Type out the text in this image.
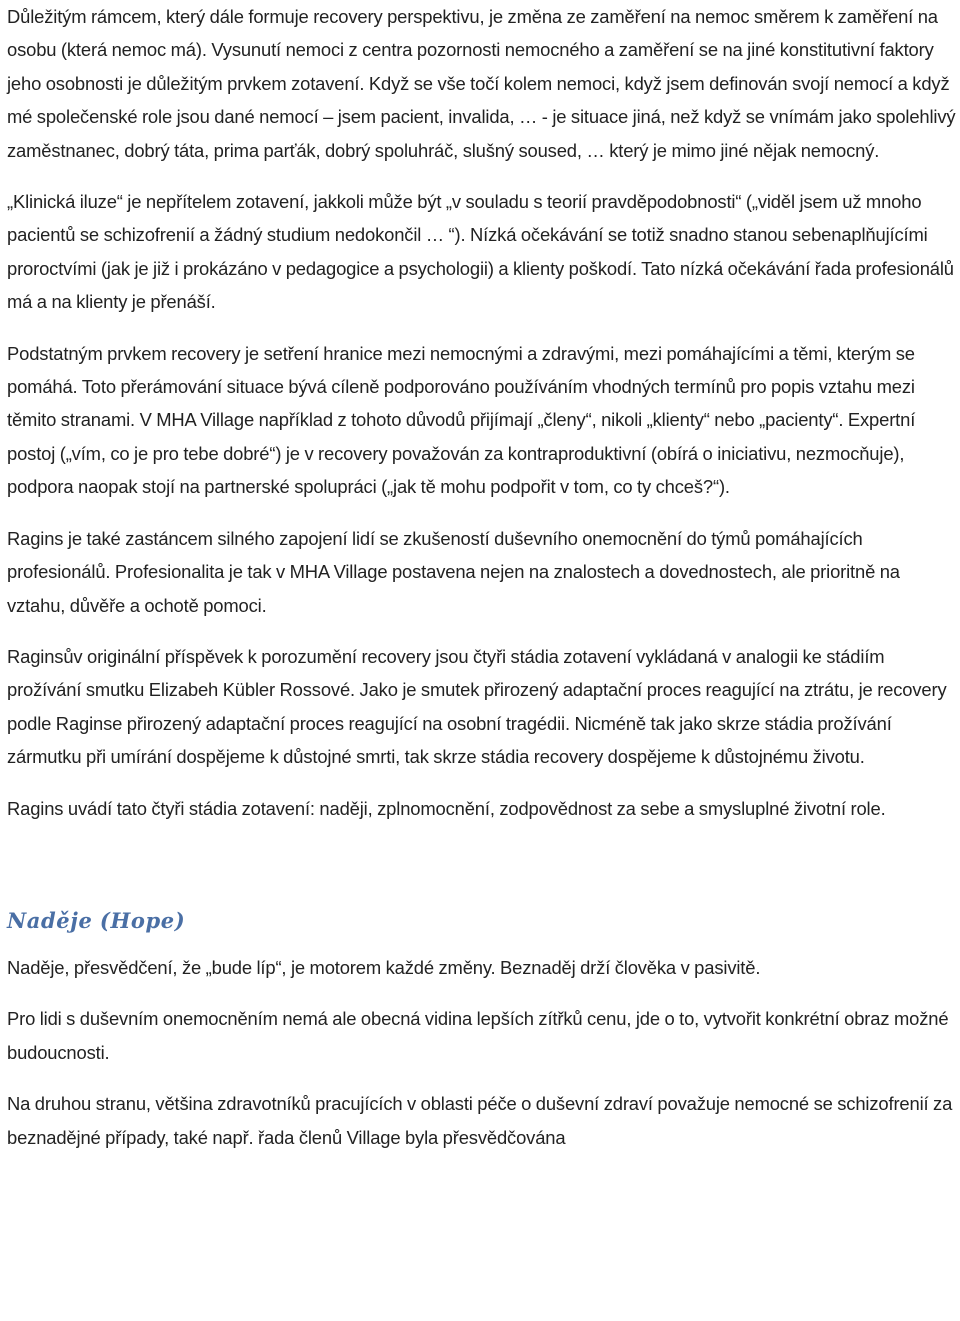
Důležitým rámcem, který dále formuje recovery perspektivu, je změna ze zaměření na nemoc směrem k zaměření na osobu (která nemoc má). Vysunutí nemoci z centra pozornosti nemocného a zaměření se na jiné konstitutivní faktory jeho osobnosti je důležitým prvkem zotavení. Když se vše točí kolem nemoci, když jsem definován svojí nemocí a když mé společenské role jsou dané nemocí – jsem pacient, invalida, … - je situace jiná, než když se vnímám jako spolehlivý zaměstnanec, dobrý táta, prima parťák, dobrý spoluhráč, slušný soused, … který je mimo jiné nějak nemocný.

„Klinická iluze“ je nepřítelem zotavení, jakkoli může být „v souladu s teorií pravděpodobnosti“ („viděl jsem už mnoho pacientů se schizofrenií a žádný studium nedokončil … “). Nízká očekávání se totiž snadno stanou sebenaplňujícími proroctvími (jak je již i prokázáno v pedagogice a psychologii) a klienty poškodí. Tato nízká očekávání řada profesionálů má a na klienty je přenáší.

Podstatným prvkem recovery je setření hranice mezi nemocnými a zdravými, mezi pomáhajícími a těmi, kterým se pomáhá. Toto přerámování situace bývá cíleně podporováno používáním vhodných termínů pro popis vztahu mezi těmito stranami. V MHA Village například z tohoto důvodů přijímají „členy“, nikoli „klienty“ nebo „pacienty“. Expertní postoj („vím, co je pro tebe dobré“) je v recovery považován za kontraproduktivní (obírá o iniciativu, nezmocňuje), podpora naopak stojí na partnerské spolupráci („jak tě mohu podpořit v tom, co ty chceš?“).

Ragins je také zastáncem silného zapojení lidí se zkušeností duševního onemocnění do týmů pomáhajících profesionálů. Profesionalita je tak v MHA Village postavena nejen na znalostech a dovednostech, ale prioritně na vztahu, důvěře a ochotě pomoci.

Raginsův originální příspěvek k porozumění recovery jsou čtyři stádia zotavení vykládaná v analogii ke stádiím prožívání smutku Elizabeh Kübler Rossové. Jako je smutek přirozený adaptační proces reagující na ztrátu, je recovery podle Raginse přirozený adaptační proces reagující na osobní tragédii. Nicméně tak jako skrze stádia prožívání zármutku při umírání dospějeme k důstojné smrti, tak skrze stádia recovery dospějeme k důstojnému životu.

Ragins uvádí tato čtyři stádia zotavení: naději, zplnomocnění, zodpovědnost za sebe a smysluplné životní role.

Naděje (Hope)

Naděje, přesvědčení, že „bude líp“, je motorem každé změny. Beznaděj drží člověka v pasivitě.

Pro lidi s duševním onemocněním nemá ale obecná vidina lepších zítřků cenu, jde o to, vytvořit konkrétní obraz možné budoucnosti.

Na druhou stranu, většina zdravotníků pracujících v oblasti péče o duševní zdraví považuje nemocné se schizofrenií za beznadějné případy, také např. řada členů Village byla přesvědčována
